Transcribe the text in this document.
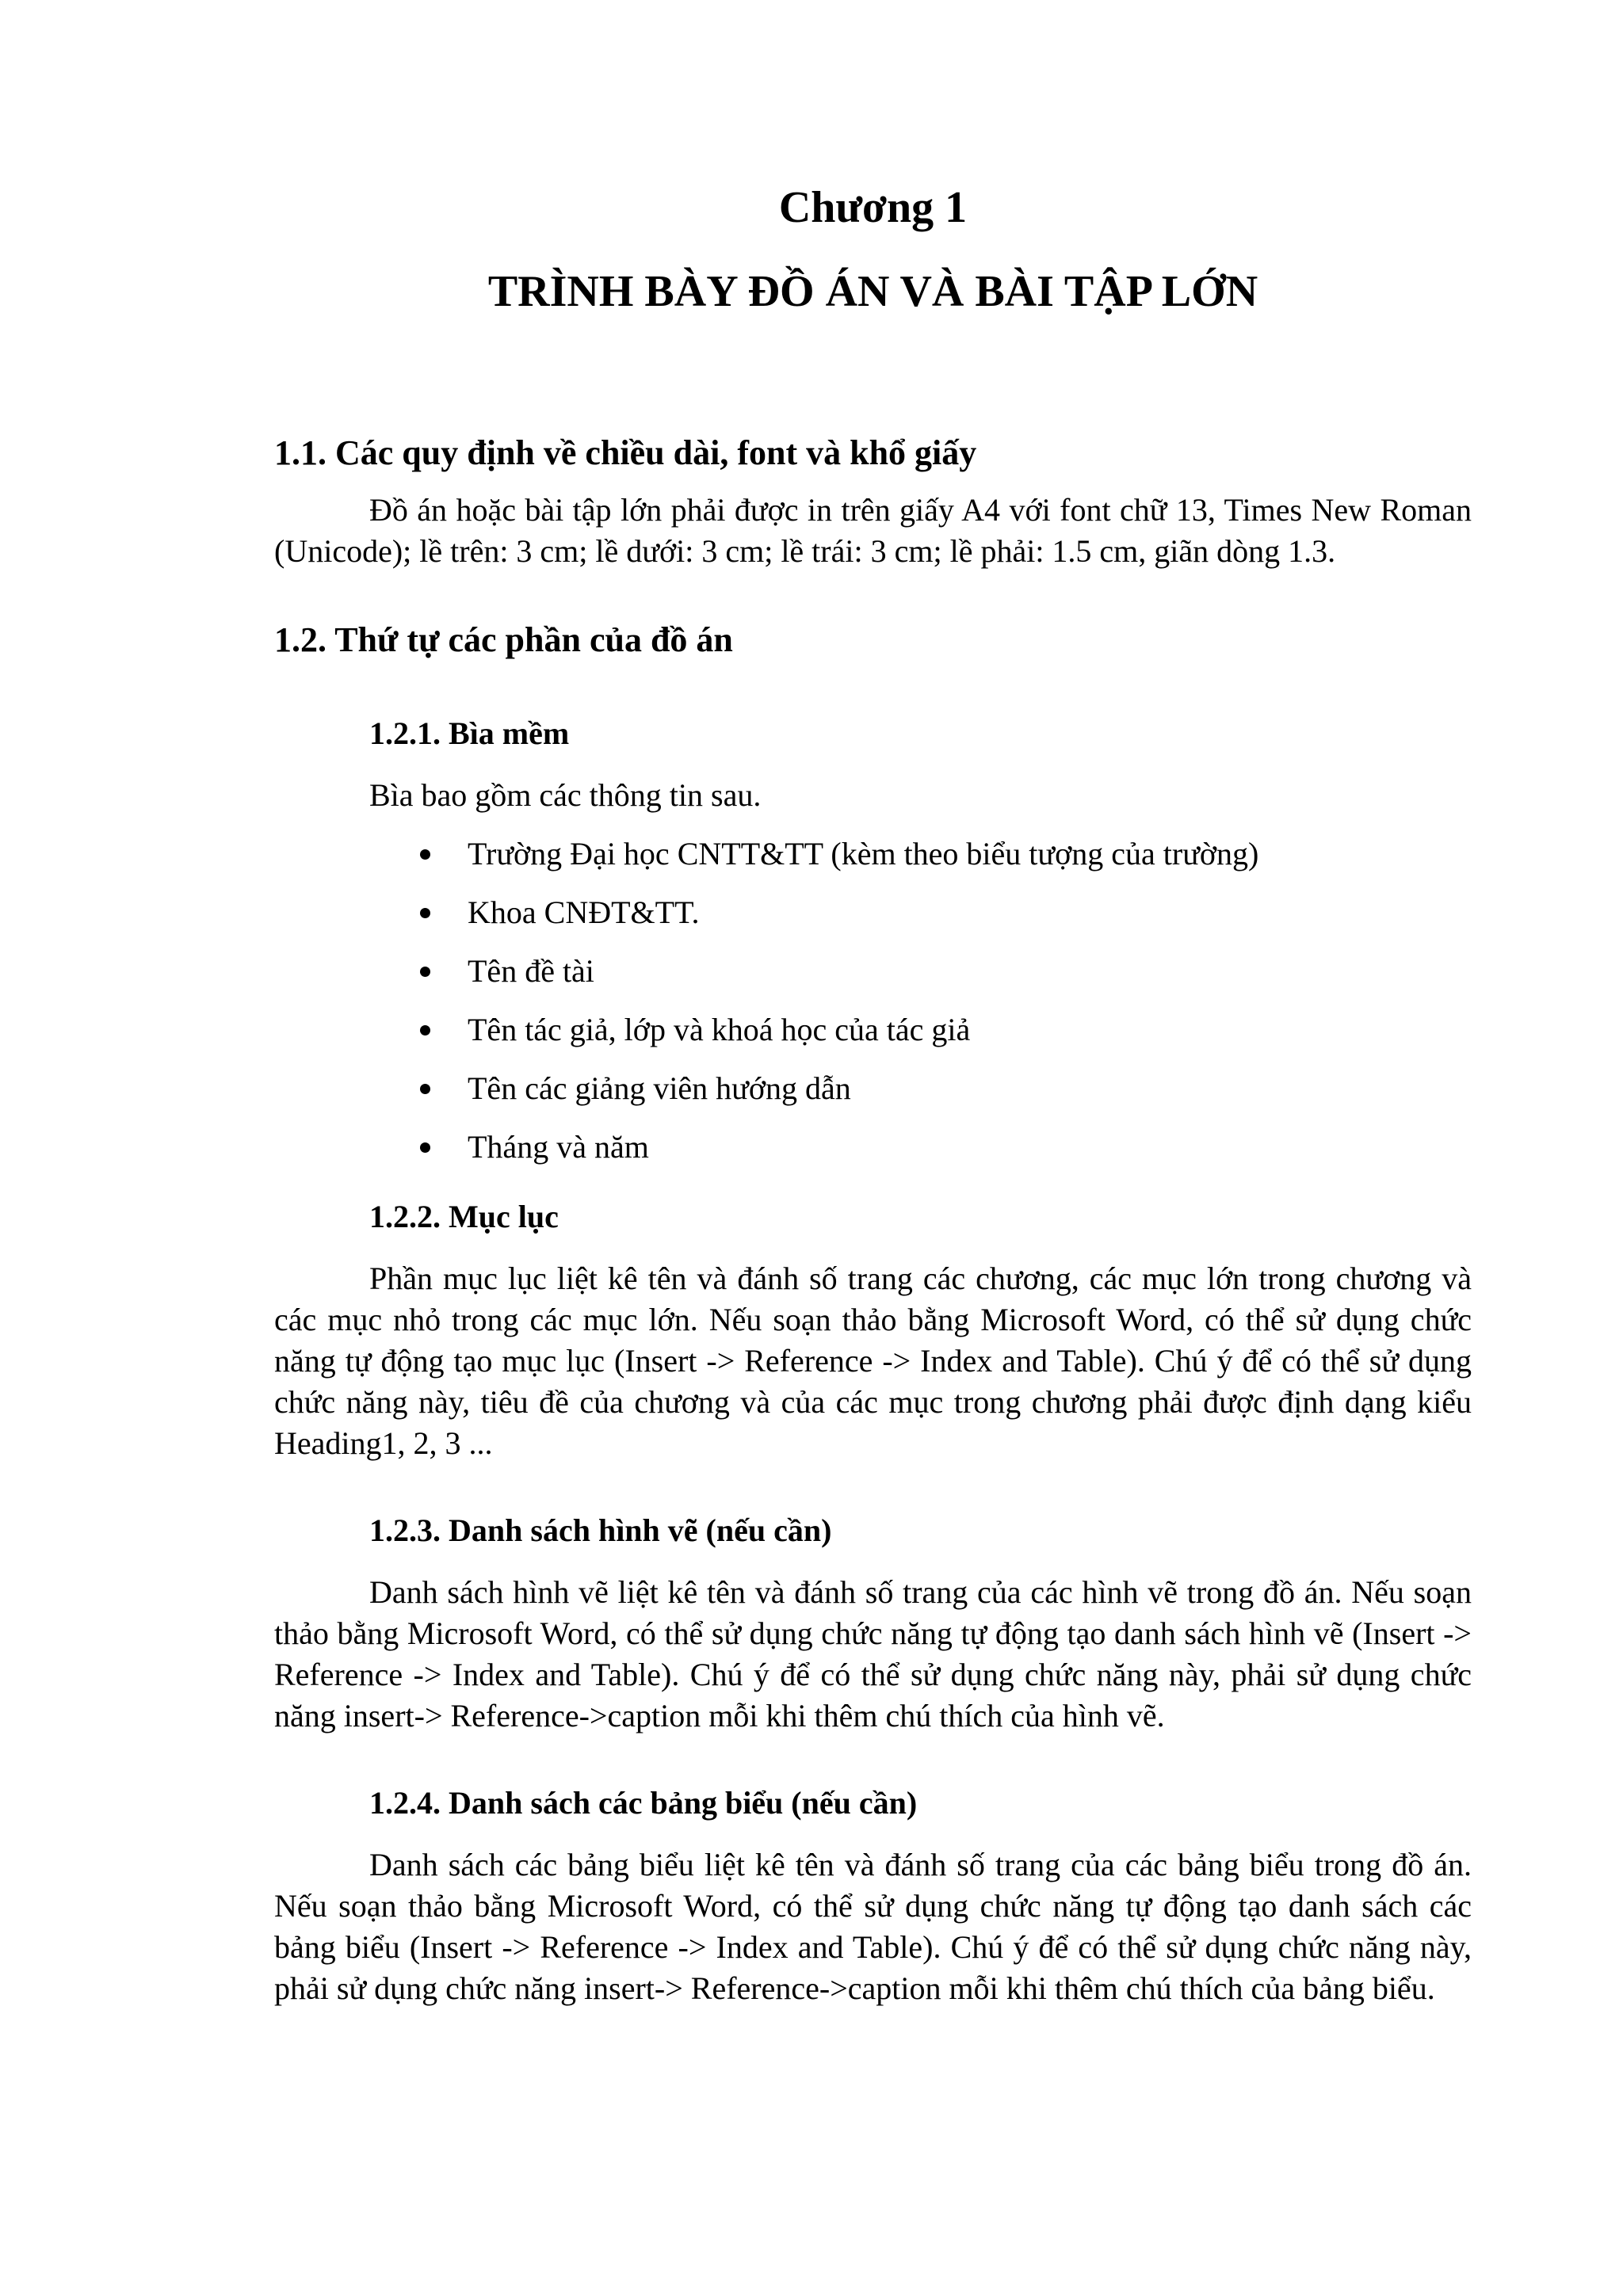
Chương 1
TRÌNH BÀY ĐỒ ÁN VÀ BÀI TẬP LỚN
1.1. Các quy định về chiều dài, font và khổ giấy

Đồ án hoặc bài tập lớn phải được in trên giấy A4 với font chữ 13, Times New Roman (Unicode); lề trên: 3 cm; lề dưới: 3 cm; lề trái: 3 cm; lề phải: 1.5 cm, giãn dòng 1.3.

1.2. Thứ tự các phần của đồ án
1.2.1. Bìa mềm

Bìa bao gồm các thông tin sau.

Trường Đại học CNTT&TT (kèm theo biểu tượng của trường)
Khoa CNĐT&TT.
Tên đề tài
Tên tác giả, lớp và khoá học của tác giả
Tên các giảng viên hướng dẫn
Tháng và năm
1.2.2. Mục lục

Phần mục lục liệt kê tên và đánh số trang các chương, các mục lớn trong chương và các mục nhỏ trong các mục lớn. Nếu soạn thảo bằng Microsoft Word, có thể sử dụng chức năng tự động tạo mục lục (Insert -> Reference -> Index and Table). Chú ý để có thể sử dụng chức năng này, tiêu đề của chương và của các mục trong chương phải được định dạng kiểu Heading1, 2, 3 ...

1.2.3. Danh sách hình vẽ (nếu cần)

Danh sách hình vẽ liệt kê tên và đánh số trang của các hình vẽ trong đồ án. Nếu soạn thảo bằng Microsoft Word, có thể sử dụng chức năng tự động tạo danh sách hình vẽ (Insert -> Reference -> Index and Table). Chú ý để có thể sử dụng chức năng này, phải sử dụng chức năng insert-> Reference->caption mỗi khi thêm chú thích của hình vẽ.

1.2.4. Danh sách các bảng biểu (nếu cần)

Danh sách các bảng biểu liệt kê tên và đánh số trang của các bảng biểu trong đồ án. Nếu soạn thảo bằng Microsoft Word, có thể sử dụng chức năng tự động tạo danh sách các bảng biểu (Insert -> Reference -> Index and Table). Chú ý để có thể sử dụng chức năng này, phải sử dụng chức năng insert-> Reference->caption mỗi khi thêm chú thích của bảng biểu.
